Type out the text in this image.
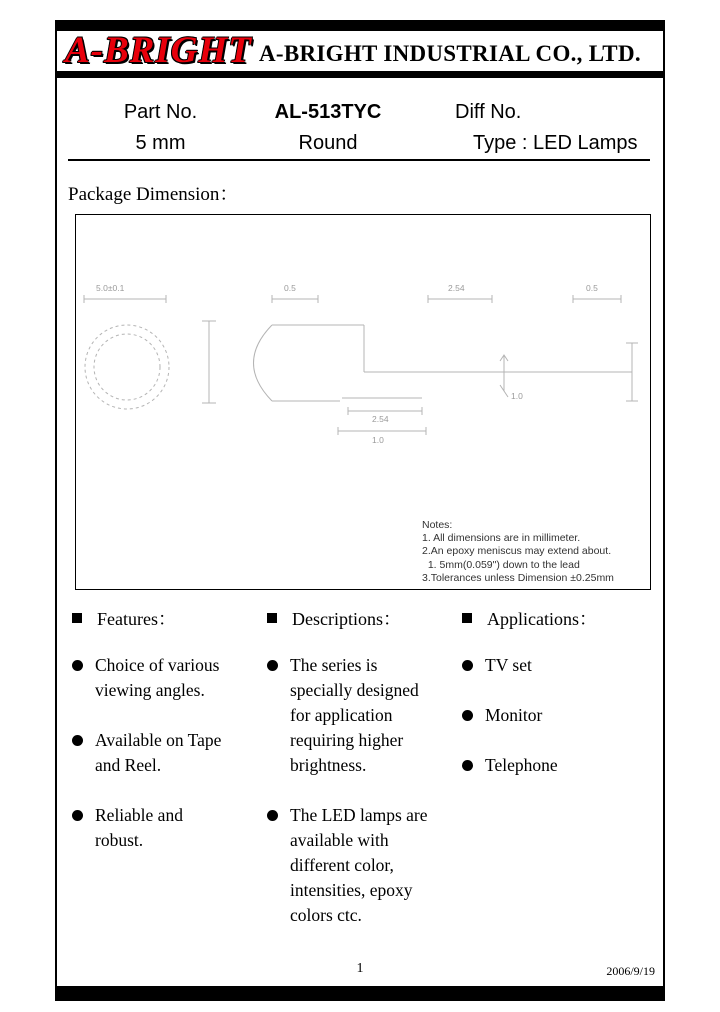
A-BRIGHT A-BRIGHT INDUSTRIAL CO., LTD.
Part No.	AL-513TYC	Diff No.
5 mm	Round	Type : LED Lamps
Package Dimension：
5.0±0.1	0.5	2.54	0.5
1.0
2.54
1.0
Notes:
1. All dimensions are in millimeter.
2.An epoxy meniscus may extend about.
1. 5mm(0.059") down to the lead
3.Tolerances unless Dimension ±0.25mm
Features：
Choice of various viewing angles.
Available on Tape and Reel.
Reliable and robust.
Descriptions：
The series is specially designed for application requiring higher brightness.
The LED lamps are available with different color, intensities, epoxy colors ctc.
Applications：
TV set
Monitor
Telephone
1	2006/9/19
